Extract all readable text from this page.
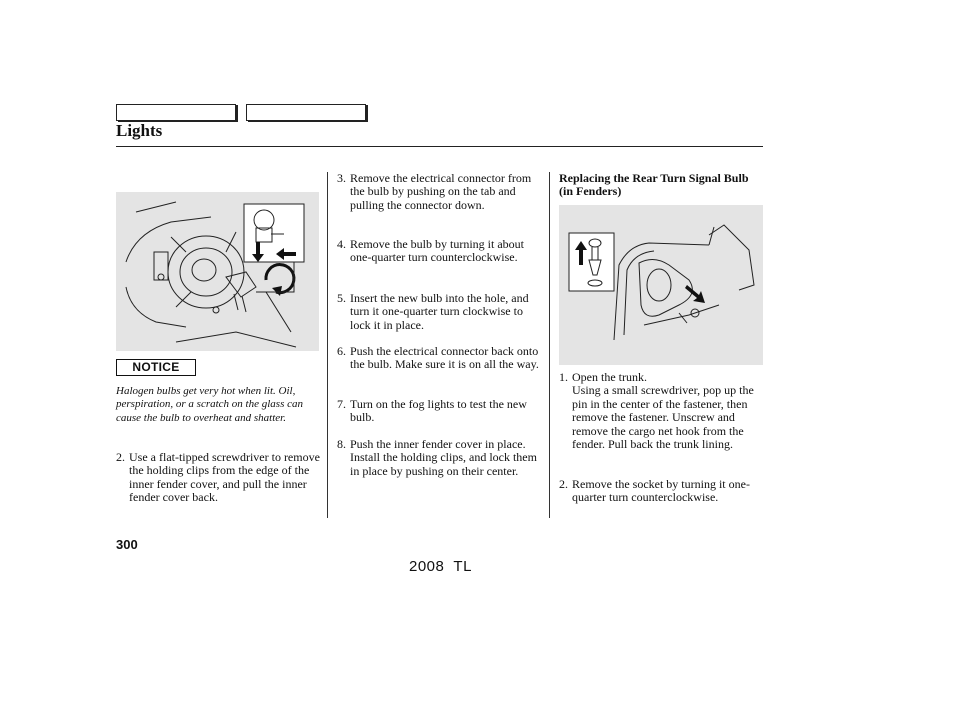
Lights
NOTICE
Halogen bulbs get very hot when lit. Oil, perspiration, or a scratch on the glass can cause the bulb to overheat and shatter.
2. Use a flat-tipped screwdriver to remove the holding clips from the edge of the inner fender cover, and pull the inner fender cover back.
3. Remove the electrical connector from the bulb by pushing on the tab and pulling the connector down.
4. Remove the bulb by turning it about one-quarter turn counterclockwise.
5. Insert the new bulb into the hole, and turn it one-quarter turn clockwise to lock it in place.
6. Push the electrical connector back onto the bulb. Make sure it is on all the way.
7. Turn on the fog lights to test the new bulb.
8. Push the inner fender cover in place. Install the holding clips, and lock them in place by pushing on their center.
Replacing the Rear Turn Signal Bulb (in Fenders)
1. Open the trunk.
Using a small screwdriver, pop up the pin in the center of the fastener, then remove the fastener. Unscrew and remove the cargo net hook from the fender. Pull back the trunk lining.
2. Remove the socket by turning it one-quarter turn counterclockwise.
300
2008  TL
